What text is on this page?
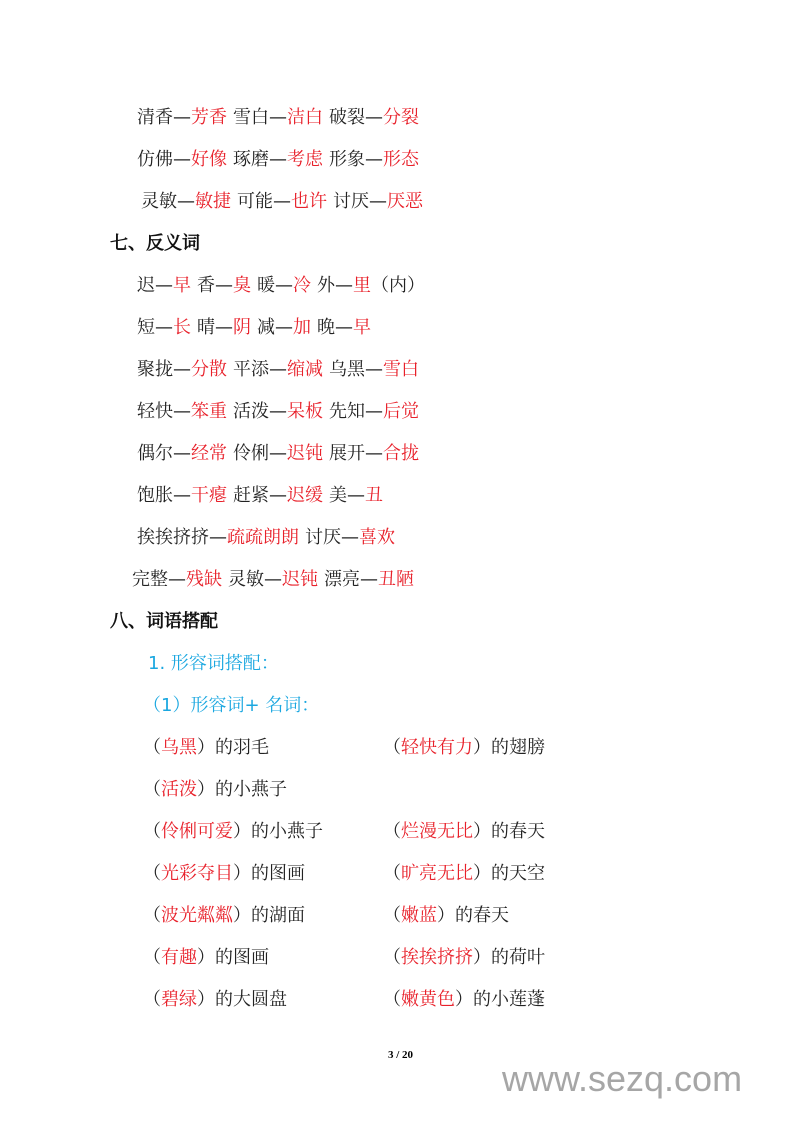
清香—芳香 雪白—洁白 破裂—分裂
仿佛—好像 琢磨—考虑 形象—形态
灵敏—敏捷 可能—也许 讨厌—厌恶
七、反义词
迟—早 香—臭 暖—冷 外—里（内）
短—长 晴—阴 减—加 晚—早
聚拢—分散 平添—缩减 乌黑—雪白
轻快—笨重 活泼—呆板 先知—后觉
偶尔—经常 伶俐—迟钝 展开—合拢
饱胀—干瘪 赶紧—迟缓 美—丑
挨挨挤挤—疏疏朗朗 讨厌—喜欢
完整—残缺 灵敏—迟钝 漂亮—丑陋
八、词语搭配
1. 形容词搭配：
（1）形容词+ 名词：
（乌黑）的羽毛	（轻快有力）的翅膀
（活泼）的小燕子
（伶俐可爱）的小燕子	（烂漫无比）的春天
（光彩夺目）的图画	（旷亮无比）的天空
（波光粼粼）的湖面	（嫩蓝）的春天
（有趣）的图画	（挨挨挤挤）的荷叶
（碧绿）的大圆盘	（嫩黄色）的小莲蓬
3 / 20
www.sezq.com
